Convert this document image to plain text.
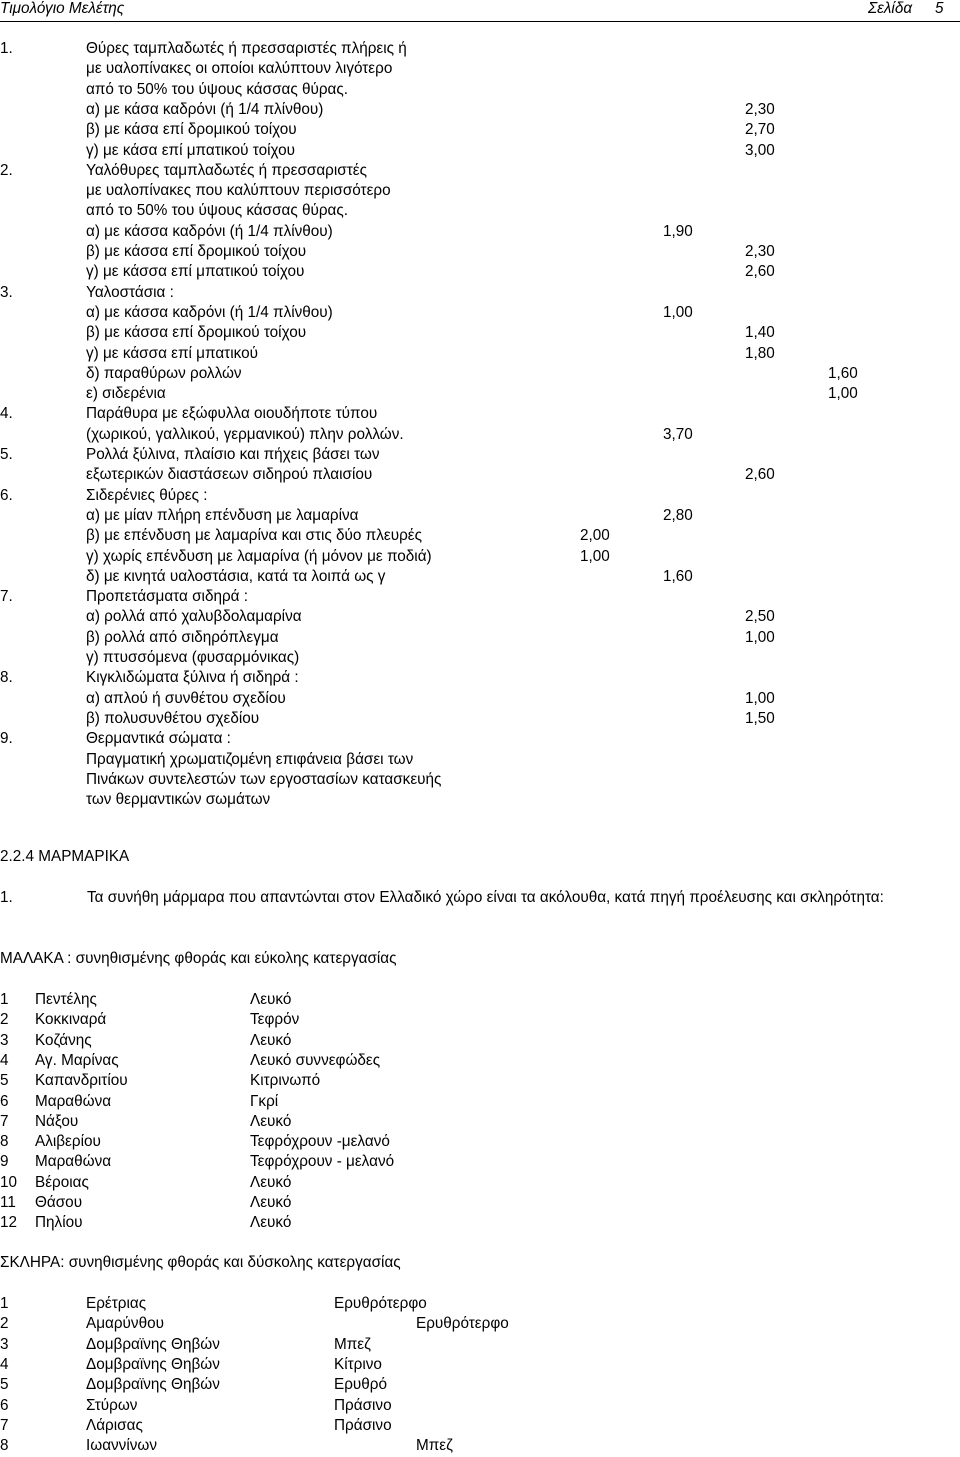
Τιμολόγιο Μελέτης	Σελίδα 5
1.	Θύρες ταμπλαδωτές ή πρεσσαριστές πλήρεις ή
με υαλοπίνακες οι οποίοι καλύπτουν λιγότερο
από το 50% του ύψους κάσσας θύρας.
α) με κάσα καδρόνι (ή 1/4 πλίνθου)	2,30
β) με κάσα επί δρομικού τοίχου	2,70
γ) με κάσα επί μπατικού τοίχου	3,00
2.	Υαλόθυρες ταμπλαδωτές ή πρεσσαριστές
με υαλοπίνακες που καλύπτουν περισσότερο
από το 50% του ύψους κάσσας θύρας.
α) με κάσσα καδρόνι (ή 1/4 πλίνθου)	1,90
β) με κάσσα επί δρομικού τοίχου	2,30
γ) με κάσσα επί μπατικού τοίχου	2,60
3.	Υαλοστάσια :
α) με κάσσα καδρόνι (ή 1/4 πλίνθου)	1,00
β) με κάσσα επί δρομικού τοίχου	1,40
γ) με κάσσα επί μπατικού	1,80
δ) παραθύρων ρολλών	1,60
ε) σιδερένια	1,00
4.	Παράθυρα με εξώφυλλα οιουδήποτε τύπου
(χωρικού, γαλλικού, γερμανικού) πλην ρολλών.	3,70
5.	Ρολλά ξύλινα, πλαίσιο και πήχεις βάσει των
εξωτερικών διαστάσεων σιδηρού πλαισίου	2,60
6.	Σιδερένιες θύρες :
α) με μίαν πλήρη επένδυση με λαμαρίνα	2,80
β) με επένδυση με λαμαρίνα και στις δύο πλευρές	2,00
γ) χωρίς επένδυση με λαμαρίνα (ή μόνον με ποδιά)	1,00
δ) με κινητά υαλοστάσια, κατά τα λοιπά ως γ	1,60
7.	Προπετάσματα σιδηρά :
α) ρολλά από χαλυβδολαμαρίνα	2,50
β) ρολλά από σιδηρόπλεγμα	1,00
γ) πτυσσόμενα (φυσαρμόνικας)
8.	Κιγκλιδώματα ξύλινα ή σιδηρά :
α) απλού ή συνθέτου σχεδίου	1,00
β) πολυσυνθέτου σχεδίου	1,50
9.	Θερμαντικά σώματα :
Πραγματική χρωματιζομένη επιφάνεια βάσει των
Πινάκων συντελεστών των εργοστασίων κατασκευής
των θερμαντικών σωμάτων
2.2.4 ΜΑΡΜΑΡΙΚΑ
1.	Τα συνήθη μάρμαρα που απαντώνται στον Ελλαδικό χώρο είναι τα ακόλουθα, κατά πηγή προέλευσης και σκληρότητα:
ΜΑΛΑΚΑ : συνηθισμένης φθοράς και εύκολης κατεργασίας
1 Πεντέλης	Λευκό
2 Κοκκιναρά	Τεφρόν
3 Κοζάνης	Λευκό
4 Αγ. Μαρίνας	Λευκό συννεφώδες
5 Καπανδριτίου	Κιτρινωπό
6 Μαραθώνα	Γκρί
7 Νάξου	Λευκό
8 Αλιβερίου	Τεφρόχρουν -μελανό
9 Μαραθώνα	Τεφρόχρουν - μελανό
10 Βέροιας	Λευκό
11 Θάσου	Λευκό
12 Πηλίου	Λευκό
ΣΚΛΗΡΑ: συνηθισμένης φθοράς και δύσκολης κατεργασίας
1	Ερέτριας	Ερυθρότερφο
2	Αμαρύνθου	Ερυθρότερφο
3	Δομβραϊνης Θηβών	Μπεζ
4	Δομβραϊνης Θηβών	Κίτρινο
5	Δομβραϊνης Θηβών	Ερυθρό
6	Στύρων	Πράσινο
7	Λάρισας	Πράσινο
8	Ιωαννίνων	Μπεζ
